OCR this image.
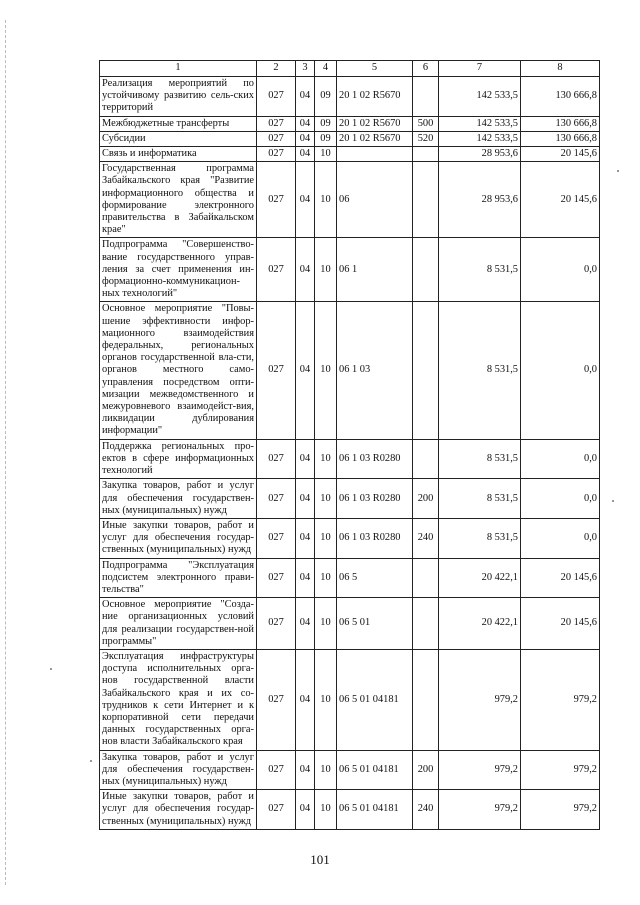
1	2	3	4	5	6	7	8
Реализация мероприятий по устойчивому развитию сель-ских территорий	027	04	09	20 1 02 R5670		142 533,5	130 666,8
Межбюджетные трансферты	027	04	09	20 1 02 R5670	500	142 533,5	130 666,8
Субсидии	027	04	09	20 1 02 R5670	520	142 533,5	130 666,8
Связь и информатика	027	04	10			28 953,6	20 145,6
Государственная программа Забайкальского края "Развитие информационного общества и формирование электронного правительства в Забайкальском крае"	027	04	10	06		28 953,6	20 145,6
Подпрограмма "Совершенство-вание государственного управ-ления за счет применения ин-формационно-коммуникацион-ных технологий"	027	04	10	06 1		8 531,5	0,0
Основное мероприятие "Повы-шение эффективности инфор-мационного взаимодействия федеральных, региональных органов государственной вла-сти, органов местного само-управления посредством опти-мизации межведомственного и межуровневого взаимодейст-вия, ликвидации дублирования информации"	027	04	10	06 1 03		8 531,5	0,0
Поддержка региональных про-ектов в сфере информационных технологий	027	04	10	06 1 03 R0280		8 531,5	0,0
Закупка товаров, работ и услуг для обеспечения государствен-ных (муниципальных) нужд	027	04	10	06 1 03 R0280	200	8 531,5	0,0
Иные закупки товаров, работ и услуг для обеспечения государ-ственных (муниципальных) нужд	027	04	10	06 1 03 R0280	240	8 531,5	0,0
Подпрограмма "Эксплуатация подсистем электронного прави-тельства"	027	04	10	06 5		20 422,1	20 145,6
Основное мероприятие "Созда-ние организационных условий для реализации государствен-ной программы"	027	04	10	06 5 01		20 422,1	20 145,6
Эксплуатация инфраструктуры доступа исполнительных орга-нов государственной власти Забайкальского края и их со-трудников к сети Интернет и к корпоративной сети передачи данных государственных орга-нов власти Забайкальского края	027	04	10	06 5 01 04181		979,2	979,2
Закупка товаров, работ и услуг для обеспечения государствен-ных (муниципальных) нужд	027	04	10	06 5 01 04181	200	979,2	979,2
Иные закупки товаров, работ и услуг для обеспечения государ-ственных (муниципальных) нужд	027	04	10	06 5 01 04181	240	979,2	979,2
101
